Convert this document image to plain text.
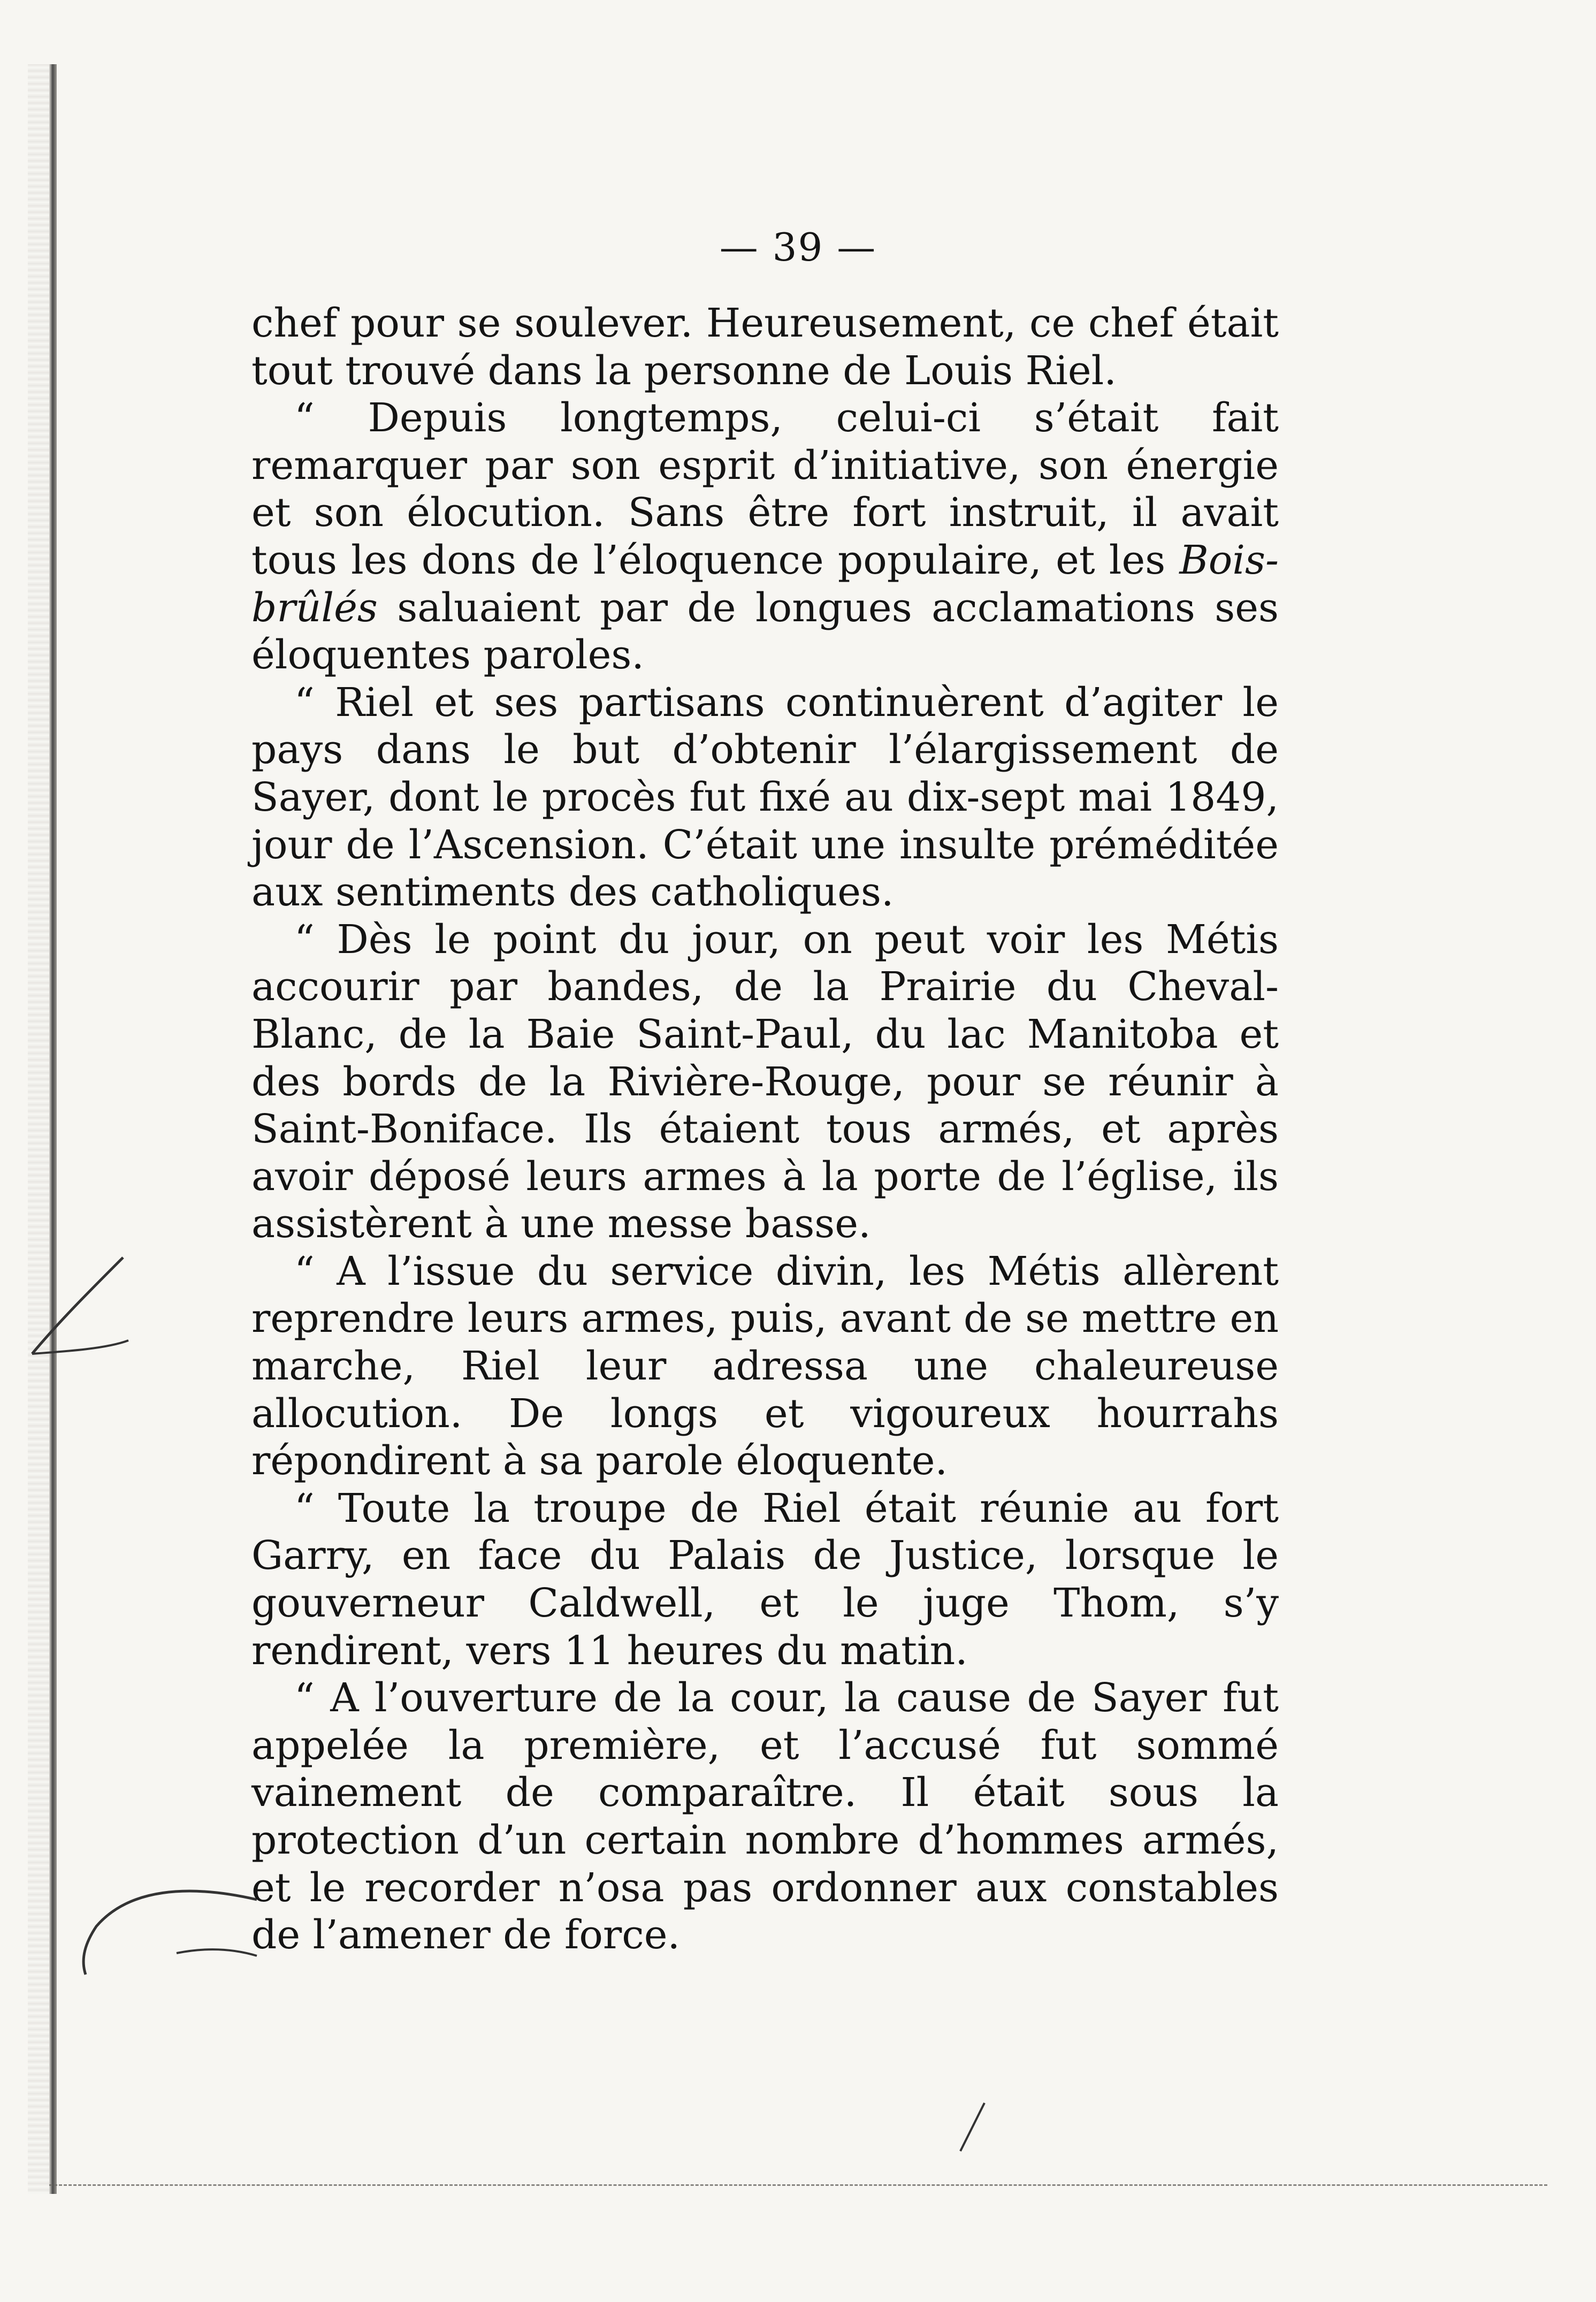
— 39 —

chef pour se soulever. Heureusement, ce chef était tout trouvé dans la personne de Louis Riel.

“ Depuis longtemps, celui-ci s’était fait remarquer par son esprit d’initiative, son énergie et son élocution. Sans être fort instruit, il avait tous les dons de l’éloquence populaire, et les Bois-brûlés saluaient par de longues acclamations ses éloquentes paroles.

“ Riel et ses partisans continuèrent d’agiter le pays dans le but d’obtenir l’élargissement de Sayer, dont le procès fut fixé au dix-sept mai 1849, jour de l’Ascension. C’était une insulte préméditée aux sentiments des catholiques.

“ Dès le point du jour, on peut voir les Métis accourir par bandes, de la Prairie du Cheval-Blanc, de la Baie Saint-Paul, du lac Manitoba et des bords de la Rivière-Rouge, pour se réunir à Saint-Boniface. Ils étaient tous armés, et après avoir déposé leurs armes à la porte de l’église, ils assistèrent à une messe basse.

“ A l’issue du service divin, les Métis allèrent reprendre leurs armes, puis, avant de se mettre en marche, Riel leur adressa une chaleureuse allocution. De longs et vigoureux hourrahs répondirent à sa parole éloquente.

“ Toute la troupe de Riel était réunie au fort Garry, en face du Palais de Justice, lorsque le gouverneur Caldwell, et le juge Thom, s’y rendirent, vers 11 heures du matin.

“ A l’ouverture de la cour, la cause de Sayer fut appelée la première, et l’accusé fut sommé vainement de comparaître. Il était sous la protection d’un certain nombre d’hommes armés, et le recorder n’osa pas ordonner aux constables de l’amener de force.
